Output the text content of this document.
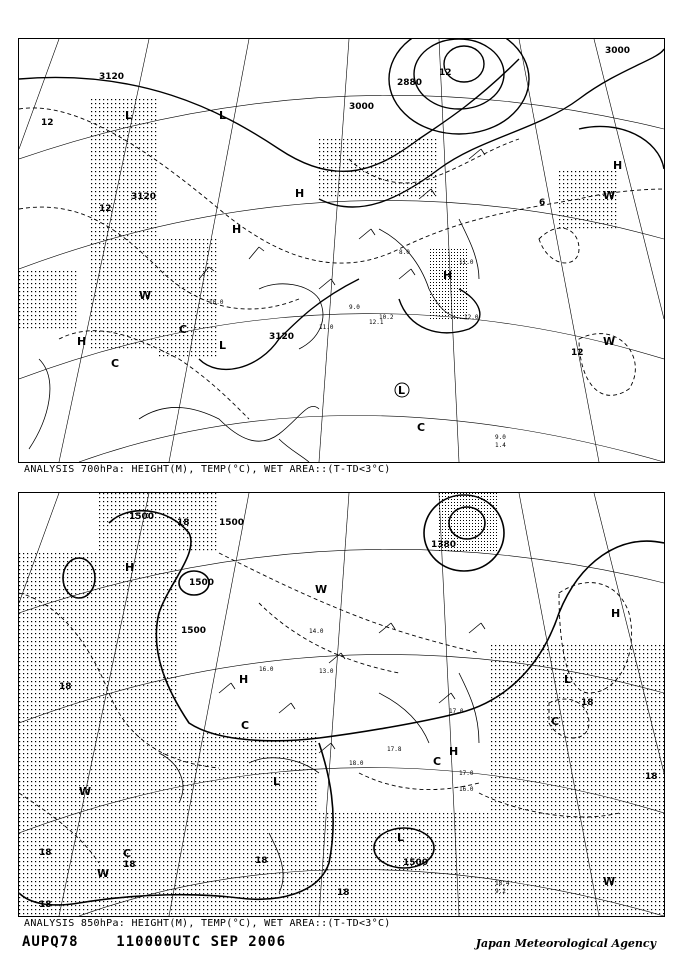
3120
3120
2880
3000
3000
3120
12
12
12
6
12
L
H
H
H
H
H
L
L	L
W
W
W
C
C
C
10.0
9.0
11.0
12.1
8.0
10.2
11.0
12.0
9.0
1.4
ANALYSIS 700hPa: HEIGHT(M), TEMP(°C), WET AREA::(T-TD<3°C)
1500
1500
1500
1500
1500
1380
18
18
18
18
18	18
18
18
18
H
H
H
H	L
L
L
W
W
W
W
C
C
C
C
17.0
16.0
17.8
18.0
17.0
14.0
16.0	13.0
18.4
9.2
ANALYSIS 850hPa: HEIGHT(M), TEMP(°C), WET AREA::(T-TD<3°C)
AUPQ78	110000UTC SEP 2006	Japan Meteorological Agency
